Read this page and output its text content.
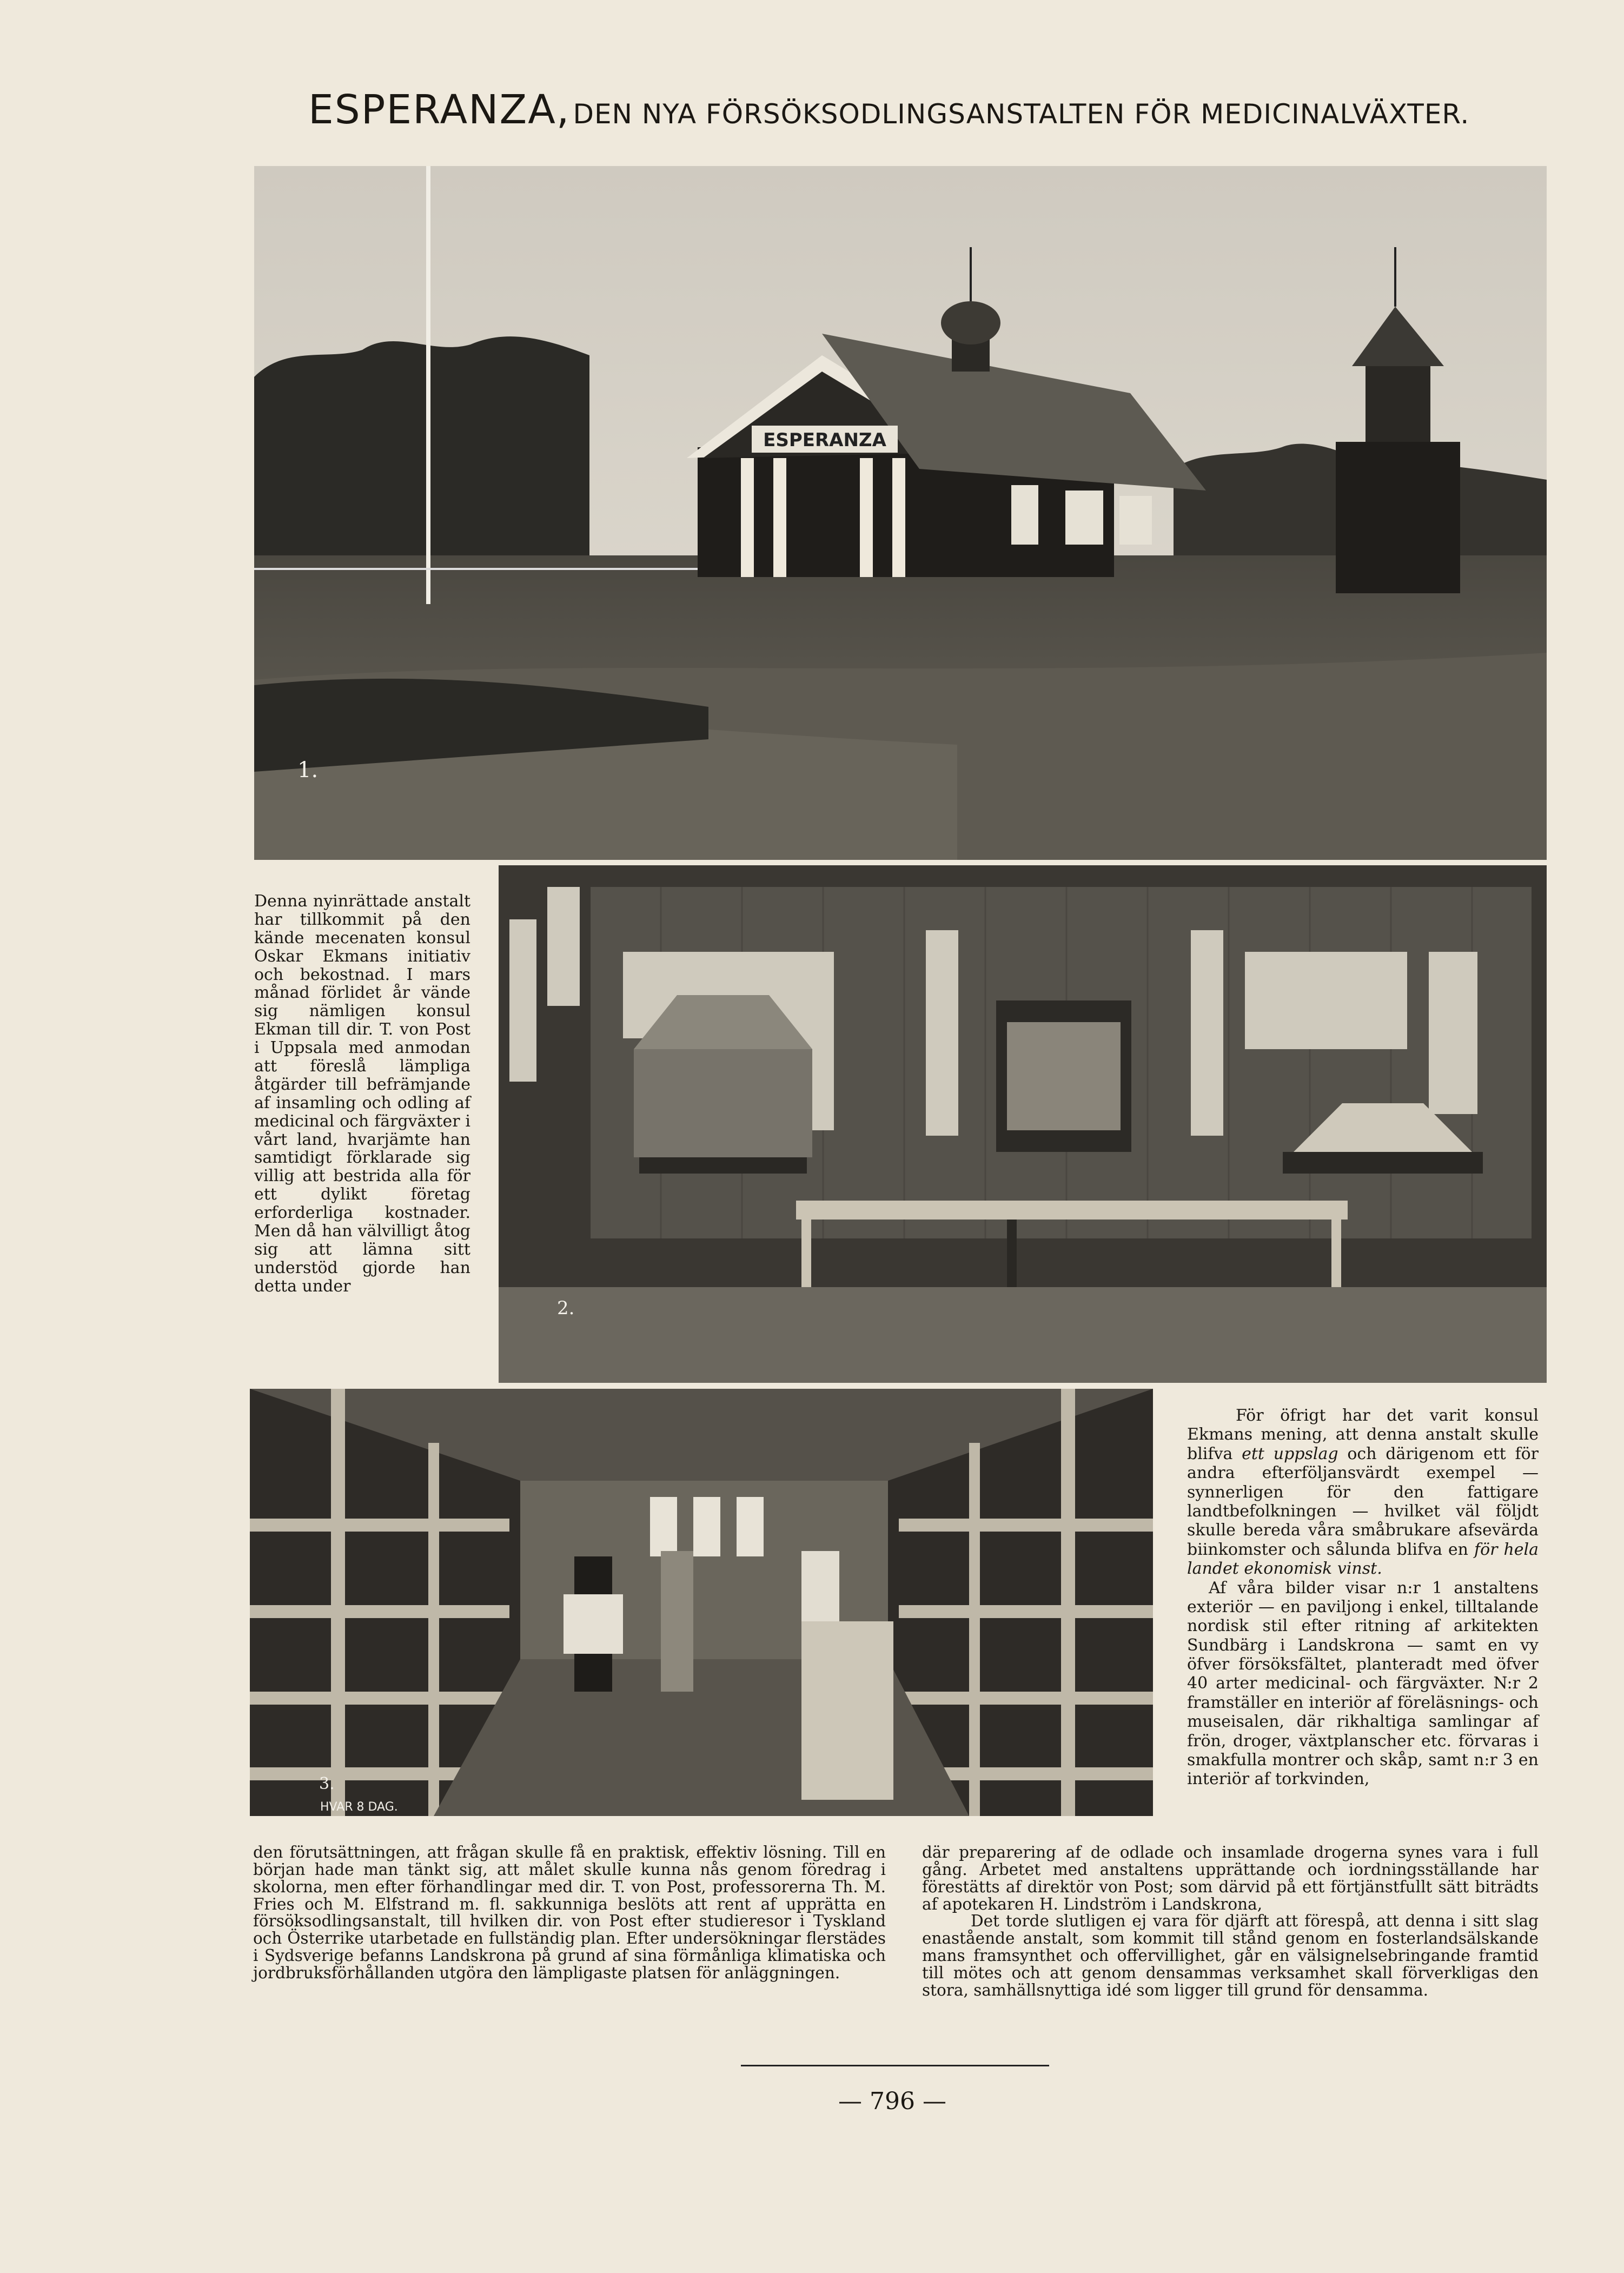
ESPERANZA, DEN NYA FÖRSÖKSODLINGSANSTALTEN FÖR MEDICINALVÄXTER.
ESPERANZA
1.
2.

Denna nyinrättade anstalt har tillkommit på den kände mecenaten konsul Oskar Ekmans initiativ och bekostnad. I mars månad förlidet år vände sig nämligen konsul Ekman till dir. T. von Post i Uppsala med anmodan att föreslå lämpliga åtgärder till befrämjande af insamling och odling af medicinal och färgväxter i vårt land, hvarjämte han samtidigt förklarade sig villig att bestrida alla för ett dylikt företag erforderliga kostnader. Men då han välvilligt åtog sig att lämna sitt understöd gjorde han detta under

HVAR 8 DAG.
3.

För öfrigt har det varit konsul Ekmans mening, att denna anstalt skulle blifva ett uppslag och därigenom ett för andra efterföljansvärdt exempel — synnerligen för den fattigare landtbefolkningen — hvilket väl följdt skulle bereda våra småbrukare afsevärda biinkomster och sålunda blifva en för hela landet ekonomisk vinst.

Af våra bilder visar n:r 1 anstaltens exteriör — en paviljong i enkel, tilltalande nordisk stil efter ritning af arkitekten Sundbärg i Landskrona — samt en vy öfver försöksfältet, planteradt med öfver 40 arter medicinal- och färgväxter. N:r 2 framställer en interiör af föreläsnings- och museisalen, där rikhaltiga samlingar af frön, droger, växtplanscher etc. förvaras i smakfulla montrer och skåp, samt n:r 3 en interiör af torkvinden,

den förutsättningen, att frågan skulle få en praktisk, effektiv lösning. Till en början hade man tänkt sig, att målet skulle kunna nås genom föredrag i skolorna, men efter förhandlingar med dir. T. von Post, professorerna Th. M. Fries och M. Elfstrand m. fl. sakkunniga beslöts att rent af upprätta en försöksodlingsanstalt, till hvilken dir. von Post efter studieresor i Tyskland och Österrike utarbetade en fullständig plan. Efter undersökningar flerstädes i Sydsverige befanns Landskrona på grund af sina förmånliga klimatiska och jordbruksförhållanden utgöra den lämpligaste platsen för anläggningen.

där preparering af de odlade och insamlade drogerna synes vara i full gång. Arbetet med anstaltens upprättande och iordningsställande har förestätts af direktör von Post; som därvid på ett förtjänstfullt sätt biträdts af apotekaren H. Lindström i Landskrona,

Det torde slutligen ej vara för djärft att förespå, att denna i sitt slag enastående anstalt, som kommit till stånd genom en fosterlandsälskande mans framsynthet och offervillighet, går en välsignelsebringande framtid till mötes och att genom densammas verksamhet skall förverkligas den stora, samhällsnyttiga idé som ligger till grund för densamma.

— 796 —
